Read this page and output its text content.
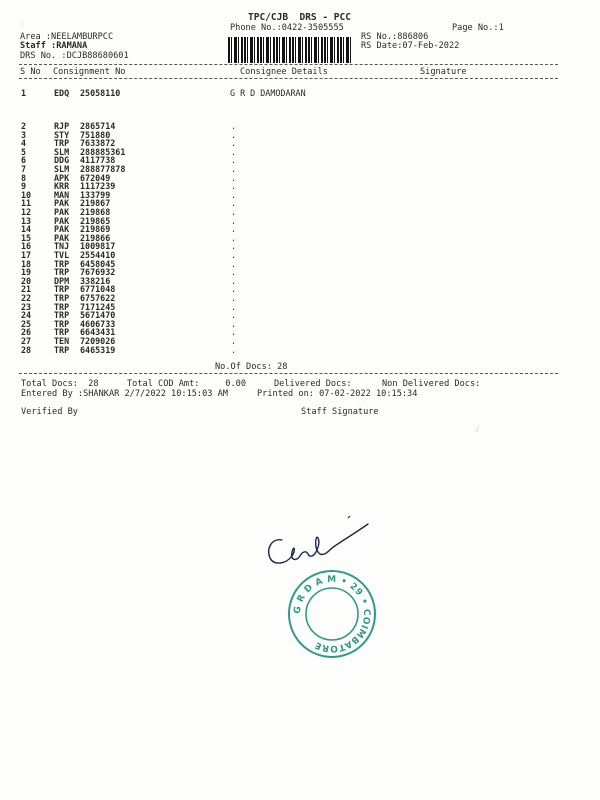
TPC/CJB  DRS - PCC
Phone No.:0422-3505555	Page No.:1
Area :NEELAMBURPCC
Staff :RAMANA
DRS No. :DCJB88680601
RS No.:886806
RS Date:07-Feb-2022
S No Consignment No	Consignee Details	Signature
1	EDQ 25058110	G R D DAMODARAN
2	RJP 2865714	.
3	STY 751880	.
4	TRP 7633872	.
5	SLM 288885361	.
6	DDG 4117738	.
7	SLM 288877878	.
8	APK 672049	.
9	KRR 1117239	.
10	MAN 133799	.
11	PAK 219867	.
12	PAK 219868	.
13	PAK 219865	.
14	PAK 219869	.
15	PAK 219866	.
16	TNJ 1009817	.
17	TVL 2554410	.
18	TRP 6458045	.
19	TRP 7676932	.
20	DPM 338216	.
21	TRP 6771048	.
22	TRP 6757622	.
23	TRP 7171245	.
24	TRP 5671470	.
25	TRP 4606733	.
26	TRP 6643431	.
27	TEN 7209026	.
28	TRP 6465319	.
No.Of Docs: 28
Total Docs:  28	Total COD Amt:     0.00	Delivered Docs:	Non Delivered Docs:
Entered By :SHANKAR 2/7/2022 10:15:03 AM	Printed on: 07-02-2022 10:15:34
Verified By	Staff Signature
G R D A M • 29 • COIMBATORE
∶
/
